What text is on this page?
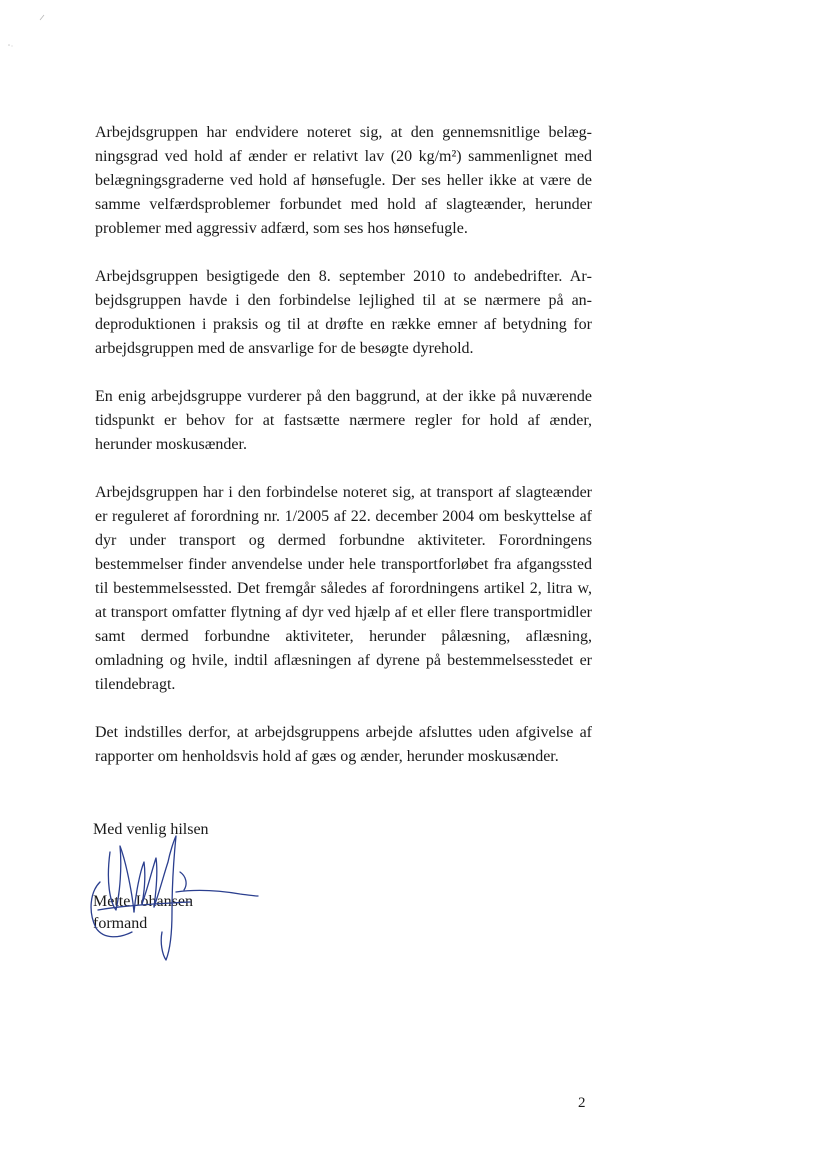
Arbejdsgruppen har endvidere noteret sig, at den gennemsnitlige belægningsgrad ved hold af ænder er relativt lav (20 kg/m²) sammenlignet med belægningsgraderne ved hold af hønsefugle. Der ses heller ikke at være de samme velfærdsproblemer forbundet med hold af slagteænder, herunder problemer med aggressiv adfærd, som ses hos hønsefugle.

Arbejdsgruppen besigtigede den 8. september 2010 to andebedrifter. Arbejdsgruppen havde i den forbindelse lejlighed til at se nærmere på andeproduktionen i praksis og til at drøfte en række emner af betydning for arbejdsgruppen med de ansvarlige for de besøgte dyrehold.

En enig arbejdsgruppe vurderer på den baggrund, at der ikke på nuværende tidspunkt er behov for at fastsætte nærmere regler for hold af ænder, herunder moskusænder.

Arbejdsgruppen har i den forbindelse noteret sig, at transport af slagteænder er reguleret af forordning nr. 1/2005 af 22. december 2004 om beskyttelse af dyr under transport og dermed forbundne aktiviteter. Forordningens bestemmelser finder anvendelse under hele transportforløbet fra afgangssted til bestemmelsessted. Det fremgår således af forordningens artikel 2, litra w, at transport omfatter flytning af dyr ved hjælp af et eller flere transportmidler samt dermed forbundne aktiviteter, herunder pålæsning, aflæsning, omladning og hvile, indtil aflæsningen af dyrene på bestemmelsesstedet er tilendebragt.

Det indstilles derfor, at arbejdsgruppens arbejde afsluttes uden afgivelse af rapporter om henholdsvis hold af gæs og ænder, herunder moskusænder.

Med venlig hilsen

Mette Johansen

formand

2
